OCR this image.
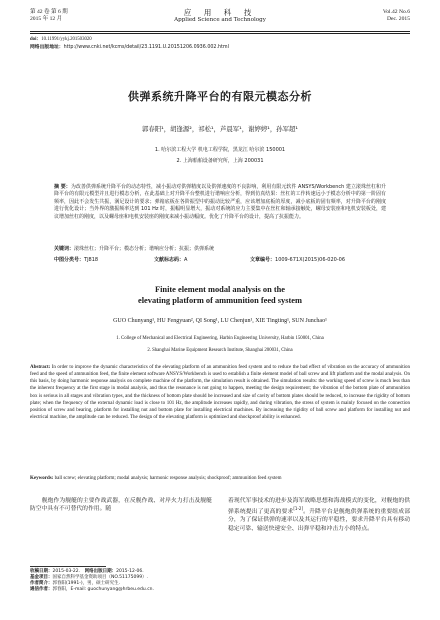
第 42 卷 第 6 期
2015 年 12 月
应 用 科 技
Applied Science and Technology
Vol.42 No.6
Dec. 2015
doi：10.11991/yykj.201503020
网络出版地址：http://www.cnki.net/kcms/detail/23.1191.U.20151206.0936.002.html
供弹系统升降平台的有限元模态分析
郭春阳¹，胡逢源²，祁松¹，芦晨军¹，谢婷婷¹，孙军超¹
1. 哈尔滨工程大学 机电工程学院，黑龙江 哈尔滨 150001
2. 上海船舶设备研究所，上海 200031
摘 要：为改善供弹系统升降平台的动态特性，减小振动对供弹精度以及供弹速度的不良影响，利用有限元软件 ANSYS/Workbench 建立滚珠丝杠和升降平台的有限元模型并且进行模态分析，在此基础上对升降平台整机进行谐响应分析，得到仿真结果：丝杠的工作转速远小于模态分析中的第一阶固有频率，因此不会发生共振，满足设计的要求；弹箱底板在各阶振型中的振动比较严重，应该增加底板的厚度，减小底板的固有频率，对升降平台的刚度进行优化设计；当外界的激振频率达到 101 Hz 时，振幅明显增大，振动对系统的应力主要集中在丝杠和轴承接触处，螺母安装座和电机安装板处，建议增加丝杠的刚度，以及螺母座和电机安装座的刚度来减小振动幅度。优化了升降平台的设计，提高了抗振能力。
关键词：滚珠丝杠；升降平台；模态分析；谐响应分析；抗振；供弹系统
中图分类号：TJ818	文献标志码：A	文章编号：1009-671X(2015)06-020-06
Finite element modal analysis on the
elevating platform of ammunition feed system
GUO Chunyang¹, HU Fengyuan², QI Song¹, LU Chenjun¹, XIE Tingting¹, SUN Junchao¹
1. College of Mechanical and Electrical Engineering, Harbin Engineering University, Harbin 150001, China
2. Shanghai Marine Equipment Research Institute, Shanghai 200031, China
Abstract: In order to improve the dynamic characteristics of the elevating platform of an ammunition feed system and to reduce the bad effect of vibration on the accuracy of ammunition feed and the speed of ammunition feed, the finite element software ANSYS/Workbench is used to establish a finite element model of ball screw and lift platform and the modal analysis. On this basis, by doing harmonic response analysis on complete machine of the platform, the simulation result is obtained. The simulation results: the working speed of screw is much less than the inherent frequency at the first stage in modal analysis, and thus the resonance is not going to happen, meeting the design requirement; the vibration of the bottom plate of ammunition box is serious in all stages and vibration types, and the thickness of bottom plate should be increased and size of cavity of bottom plates should be reduced, to increase the rigidity of bottom plate; when the frequency of the external dynamic load is close to 101 Hz, the amplitude increases rapidly, and during vibration, the stress of system is mainly focused on the connection position of screw and bearing, platform for installing nut and bottom plate for installing electrical machines. By increasing the rigidity of ball screw and platform for installing nut and electrical machine, the amplitude can be reduced. The design of the elevating platform is optimized and shockproof ability is enhanced.
Keywords: ball screw; elevating platform; modal analysis; harmonic response analysis; shockproof; ammunition feed system
　　舰炮作为舰艇的主要作战武器，在反舰作战、对岸火力打击及舰艇防空中具有不可替代的作用。随
着现代军事技术的进步及海军战略思想和海战模式的变化，对舰炮的供弹系统提出了更高的要求[1-2]。升降平台是舰炮供弹系统的重要组成部分，为了保证供弹的速率以及其运行的平稳性，要求升降平台具有移动稳定可靠、输送快速安全、出弹平稳和冲击力小的特点。
收稿日期：2015-03-22.　 网络出版日期：2015-12-06.
基金项目：国家自然科学基金资助项目（NO.51175099）.
作者简介：郭春阳(1991-)，男，硕士研究生.
通信作者：郭春阳，E-mail: guochunyang@hrbeu.edu.cn.
